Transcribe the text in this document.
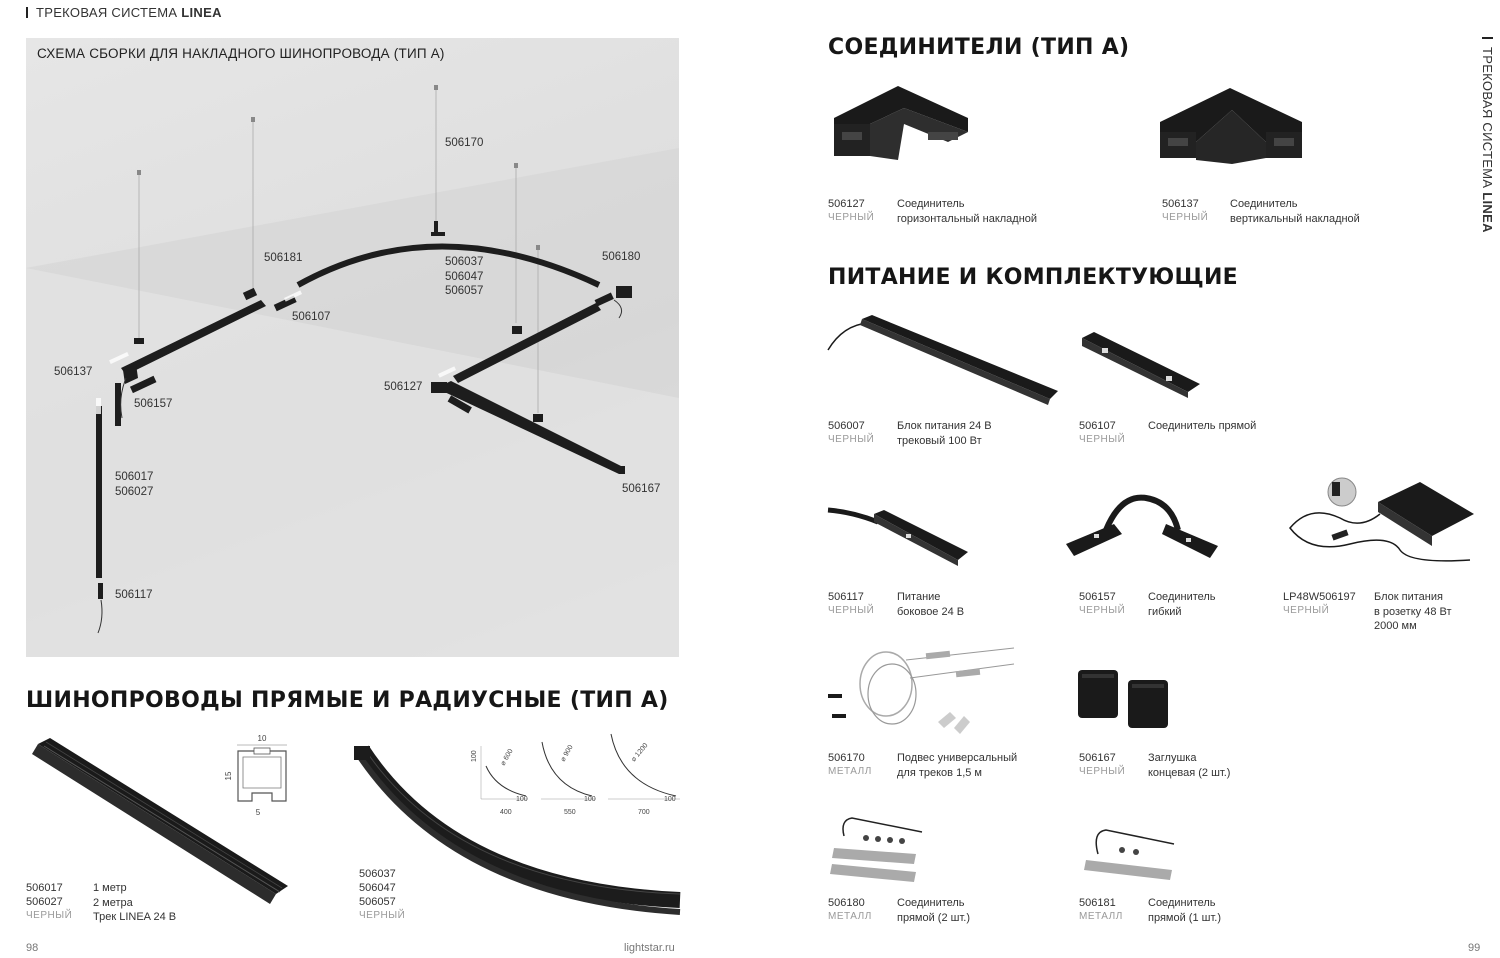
ТРЕКОВАЯ СИСТЕМА LINEA
СХЕМА СБОРКИ ДЛЯ НАКЛАДНОГО ШИНОПРОВОДА (ТИП А)
506170
506181	506037
506047
506057
506180
506107
506137
506157
506127
506017
506027	506167
506117
ШИНОПРОВОДЫ ПРЯМЫЕ И РАДИУСНЫЕ (ТИП А)
10
15
5
506017
506027
ЧЕРНЫЙ
1 метр
2 метра
Трек LINEA 24 В
100	⌀ 600	⌀ 900	⌀ 1200
100	100	100
400	550	700
506037
506047
506057
ЧЕРНЫЙ
98	lightstar.ru
ТРЕКОВАЯ СИСТЕМА LINEA
СОЕДИНИТЕЛИ (ТИП А)
506127
ЧЕРНЫЙ
Соединитель
горизонтальный накладной
506137
ЧЕРНЫЙ
Соединитель
вертикальный накладной
ПИТАНИЕ И КОМПЛЕКТУЮЩИЕ
506007
ЧЕРНЫЙ
Блок питания 24 В
трековый 100 Вт
506107
ЧЕРНЫЙ
Соединитель прямой
506117
ЧЕРНЫЙ
Питание
боковое 24 В
506157
ЧЕРНЫЙ
Соединитель
гибкий
LP48W506197
ЧЕРНЫЙ
Блок питания
в розетку 48 Вт
2000 мм
506170
МЕТАЛЛ
Подвес универсальный
для треков 1,5 м
506167
ЧЕРНЫЙ
Заглушка
концевая (2 шт.)
506180
МЕТАЛЛ
Соединитель
прямой (2 шт.)
506181
МЕТАЛЛ
Соединитель
прямой (1 шт.)
99
